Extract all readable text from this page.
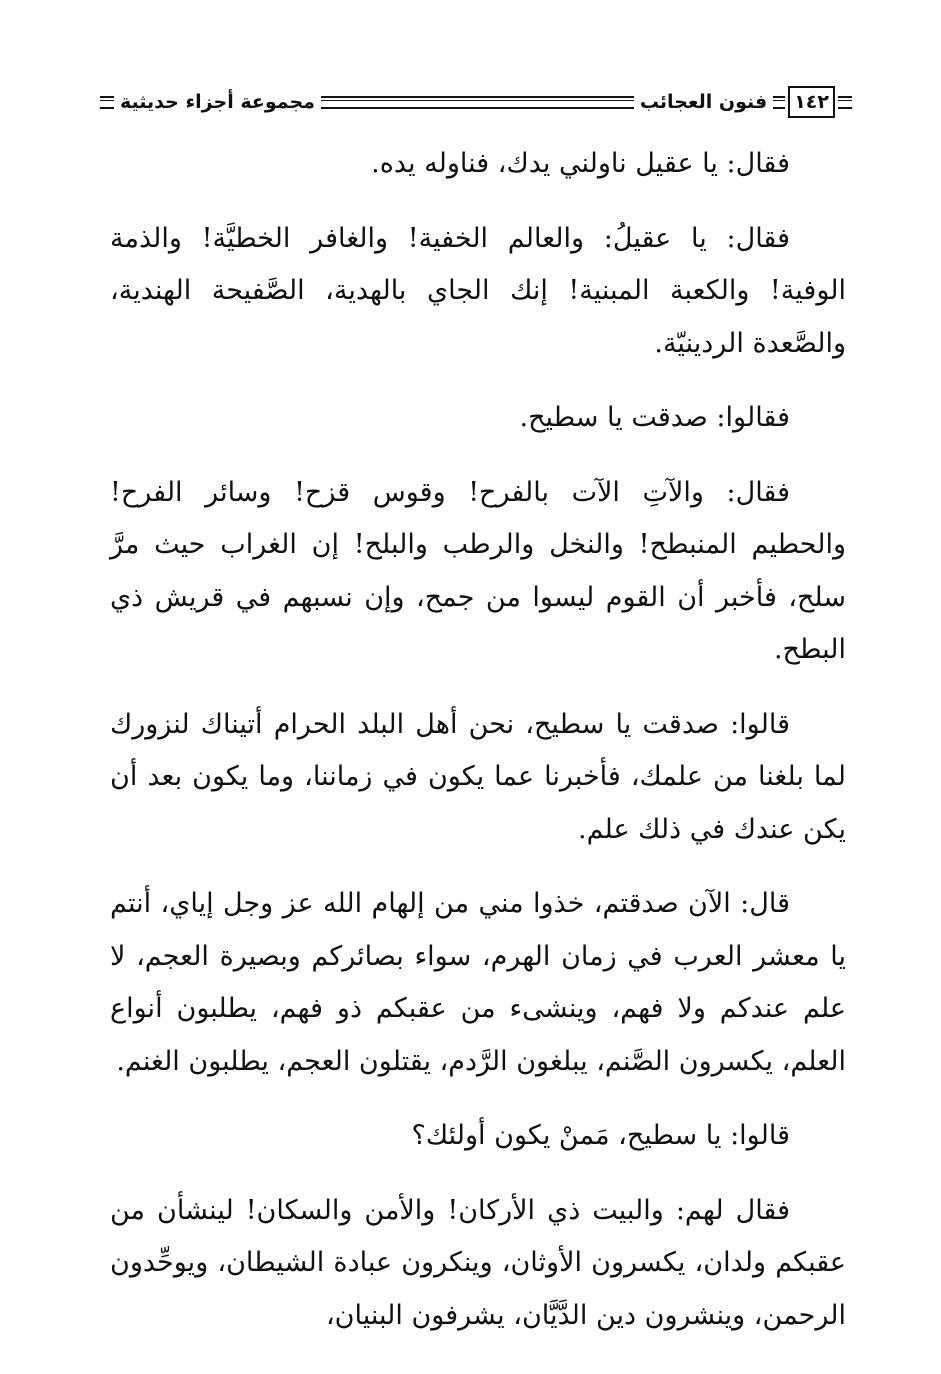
١٤٢
فنون العجائب
مجموعة أجزاء حديثية

فقال: يا عقيل ناولني يدك، فناوله يده.

فقال: يا عقيلُ: والعالم الخفية! والغافر الخطيَّة! والذمة الوفية! والكعبة المبنية! إنك الجاي بالهدية، الصَّفيحة الهندية، والصَّعدة الردينيّة.

فقالوا: صدقت يا سطيح.

فقال: والآتِ الآت بالفرح! وقوس قزح! وسائر الفرح! والحطيم المنبطح! والنخل والرطب والبلح! إن الغراب حيث مرَّ سلح، فأخبر أن القوم ليسوا من جمح، وإن نسبهم في قريش ذي البطح.

قالوا: صدقت يا سطيح، نحن أهل البلد الحرام أتيناك لنزورك لما بلغنا من علمك، فأخبرنا عما يكون في زماننا، وما يكون بعد أن يكن عندك في ذلك علم.

قال: الآن صدقتم، خذوا مني من إلهام الله عز وجل إياي، أنتم يا معشر العرب في زمان الهرم، سواء بصائركم وبصيرة العجم، لا علم عندكم ولا فهم، وينشىء من عقبكم ذو فهم، يطلبون أنواع العلم، يكسرون الصَّنم، يبلغون الرَّدم، يقتلون العجم، يطلبون الغنم.

قالوا: يا سطيح، مَمنْ يكون أولئك؟

فقال لهم: والبيت ذي الأركان! والأمن والسكان! لينشأن من عقبكم ولدان، يكسرون الأوثان، وينكرون عبادة الشيطان، ويوحِّدون الرحمن، وينشرون دين الدَّيَّان، يشرفون البنيان،
